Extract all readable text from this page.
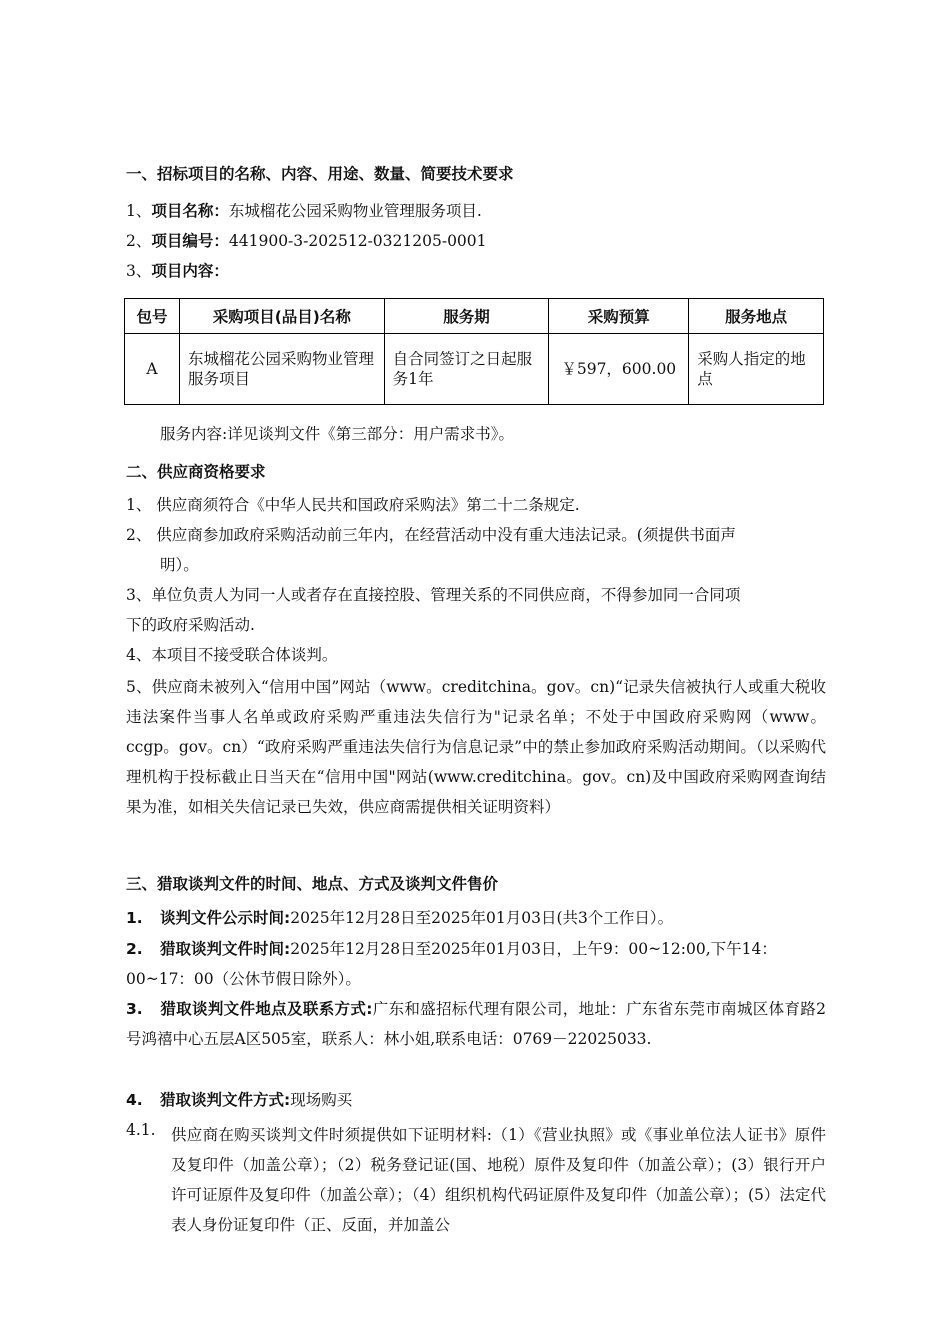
一、招标项目的名称、内容、用途、数量、简要技术要求
1、项目名称：东城榴花公园采购物业管理服务项目.
2、项目编号：441900-3-202512-0321205-0001
3、项目内容：
包号	采购项目(品目)名称	服务期	采购预算	服务地点
A	东城榴花公园采购物业管理服务项目	自合同签订之日起服务1年	￥597，600.00	采购人指定的地点
服务内容:详见谈判文件《第三部分：用户需求书》。
二、供应商资格要求
1、 供应商须符合《中华人民共和国政府采购法》第二十二条规定.
2、 供应商参加政府采购活动前三年内，在经营活动中没有重大违法记录。(须提供书面声
明）。
3、单位负责人为同一人或者存在直接控股、管理关系的不同供应商，不得参加同一合同项
下的政府采购活动.
4、本项目不接受联合体谈判。
5、供应商未被列入“信用中国”网站（www。creditchina。gov。cn)“记录失信被执行人或重大税收违法案件当事人名单或政府采购严重违法失信行为"记录名单；不处于中国政府采购网（www。ccgp。gov。cn）“政府采购严重违法失信行为信息记录”中的禁止参加政府采购活动期间。（以采购代理机构于投标截止日当天在“信用中国"网站(www.creditchina。gov。cn)及中国政府采购网查询结果为准，如相关失信记录已失效，供应商需提供相关证明资料）
三、猎取谈判文件的时间、地点、方式及谈判文件售价
1. 谈判文件公示时间:2025年12月28日至2025年01月03日(共3个工作日）。
2. 猎取谈判文件时间:2025年12月28日至2025年01月03日，上午9：00~12:00,下午14：00~17：00（公休节假日除外）。
3. 猎取谈判文件地点及联系方式:广东和盛招标代理有限公司，地址：广东省东莞市南城区体育路2号鸿禧中心五层A区505室，联系人：林小姐,联系电话：0769－22025033.
4. 猎取谈判文件方式:现场购买
4.1. 供应商在购买谈判文件时须提供如下证明材料:（1）《营业执照》或《事业单位法人证书》原件及复印件（加盖公章）；（2）税务登记证(国、地税）原件及复印件（加盖公章）；(3）银行开户许可证原件及复印件（加盖公章）；（4）组织机构代码证原件及复印件（加盖公章）；(5）法定代表人身份证复印件（正、反面，并加盖公
